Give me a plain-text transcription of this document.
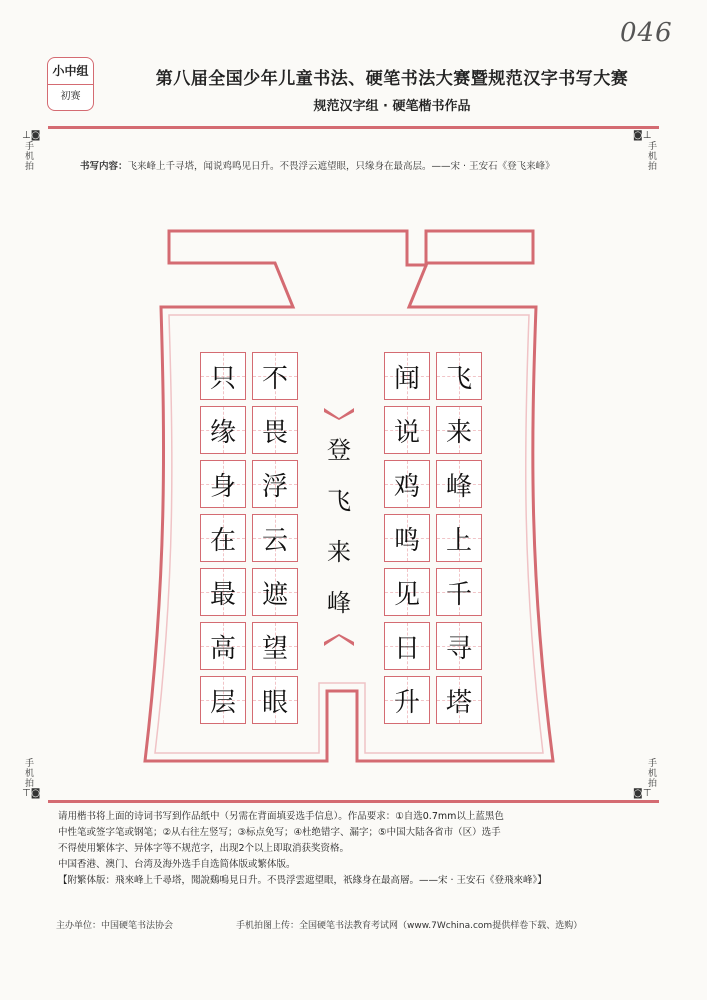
046
小中组
初赛
第八届全国少年儿童书法、硬笔书法大赛暨规范汉字书写大赛
规范汉字组 · 硬笔楷书作品
⊥◙
手机拍
◙⊥
手机拍
手机拍
⊤◙
手机拍
◙⊤
书写内容：飞来峰上千寻塔，闻说鸡鸣见日升。不畏浮云遮望眼，只缘身在最高层。——宋 · 王安石《登飞来峰》
飞
来
峰
上
千
寻
塔
闻
说
鸡
鸣
见
日
升
登
飞
来
峰
不
畏
浮
云
遮
望
眼
只
缘
身
在
最
高
层

请用楷书将上面的诗词书写到作品纸中（另需在背面填妥选手信息）。作品要求：①自选0.7mm以上蓝黑色

中性笔或签字笔或钢笔；②从右往左竖写；③标点免写；④杜绝错字、漏字；⑤中国大陆各省市（区）选手

不得使用繁体字、异体字等不规范字，出现2个以上即取消获奖资格。

中国香港、澳门、台湾及海外选手自选简体版或繁体版。

【附繁体版：飛來峰上千尋塔，聞說鷄鳴見日升。不畏浮雲遮望眼，祇緣身在最高層。——宋 · 王安石《登飛來峰》】

主办单位：中国硬笔书法协会	手机拍图上传：全国硬笔书法教育考试网（www.7Wchina.com提供样卷下载、选购）
